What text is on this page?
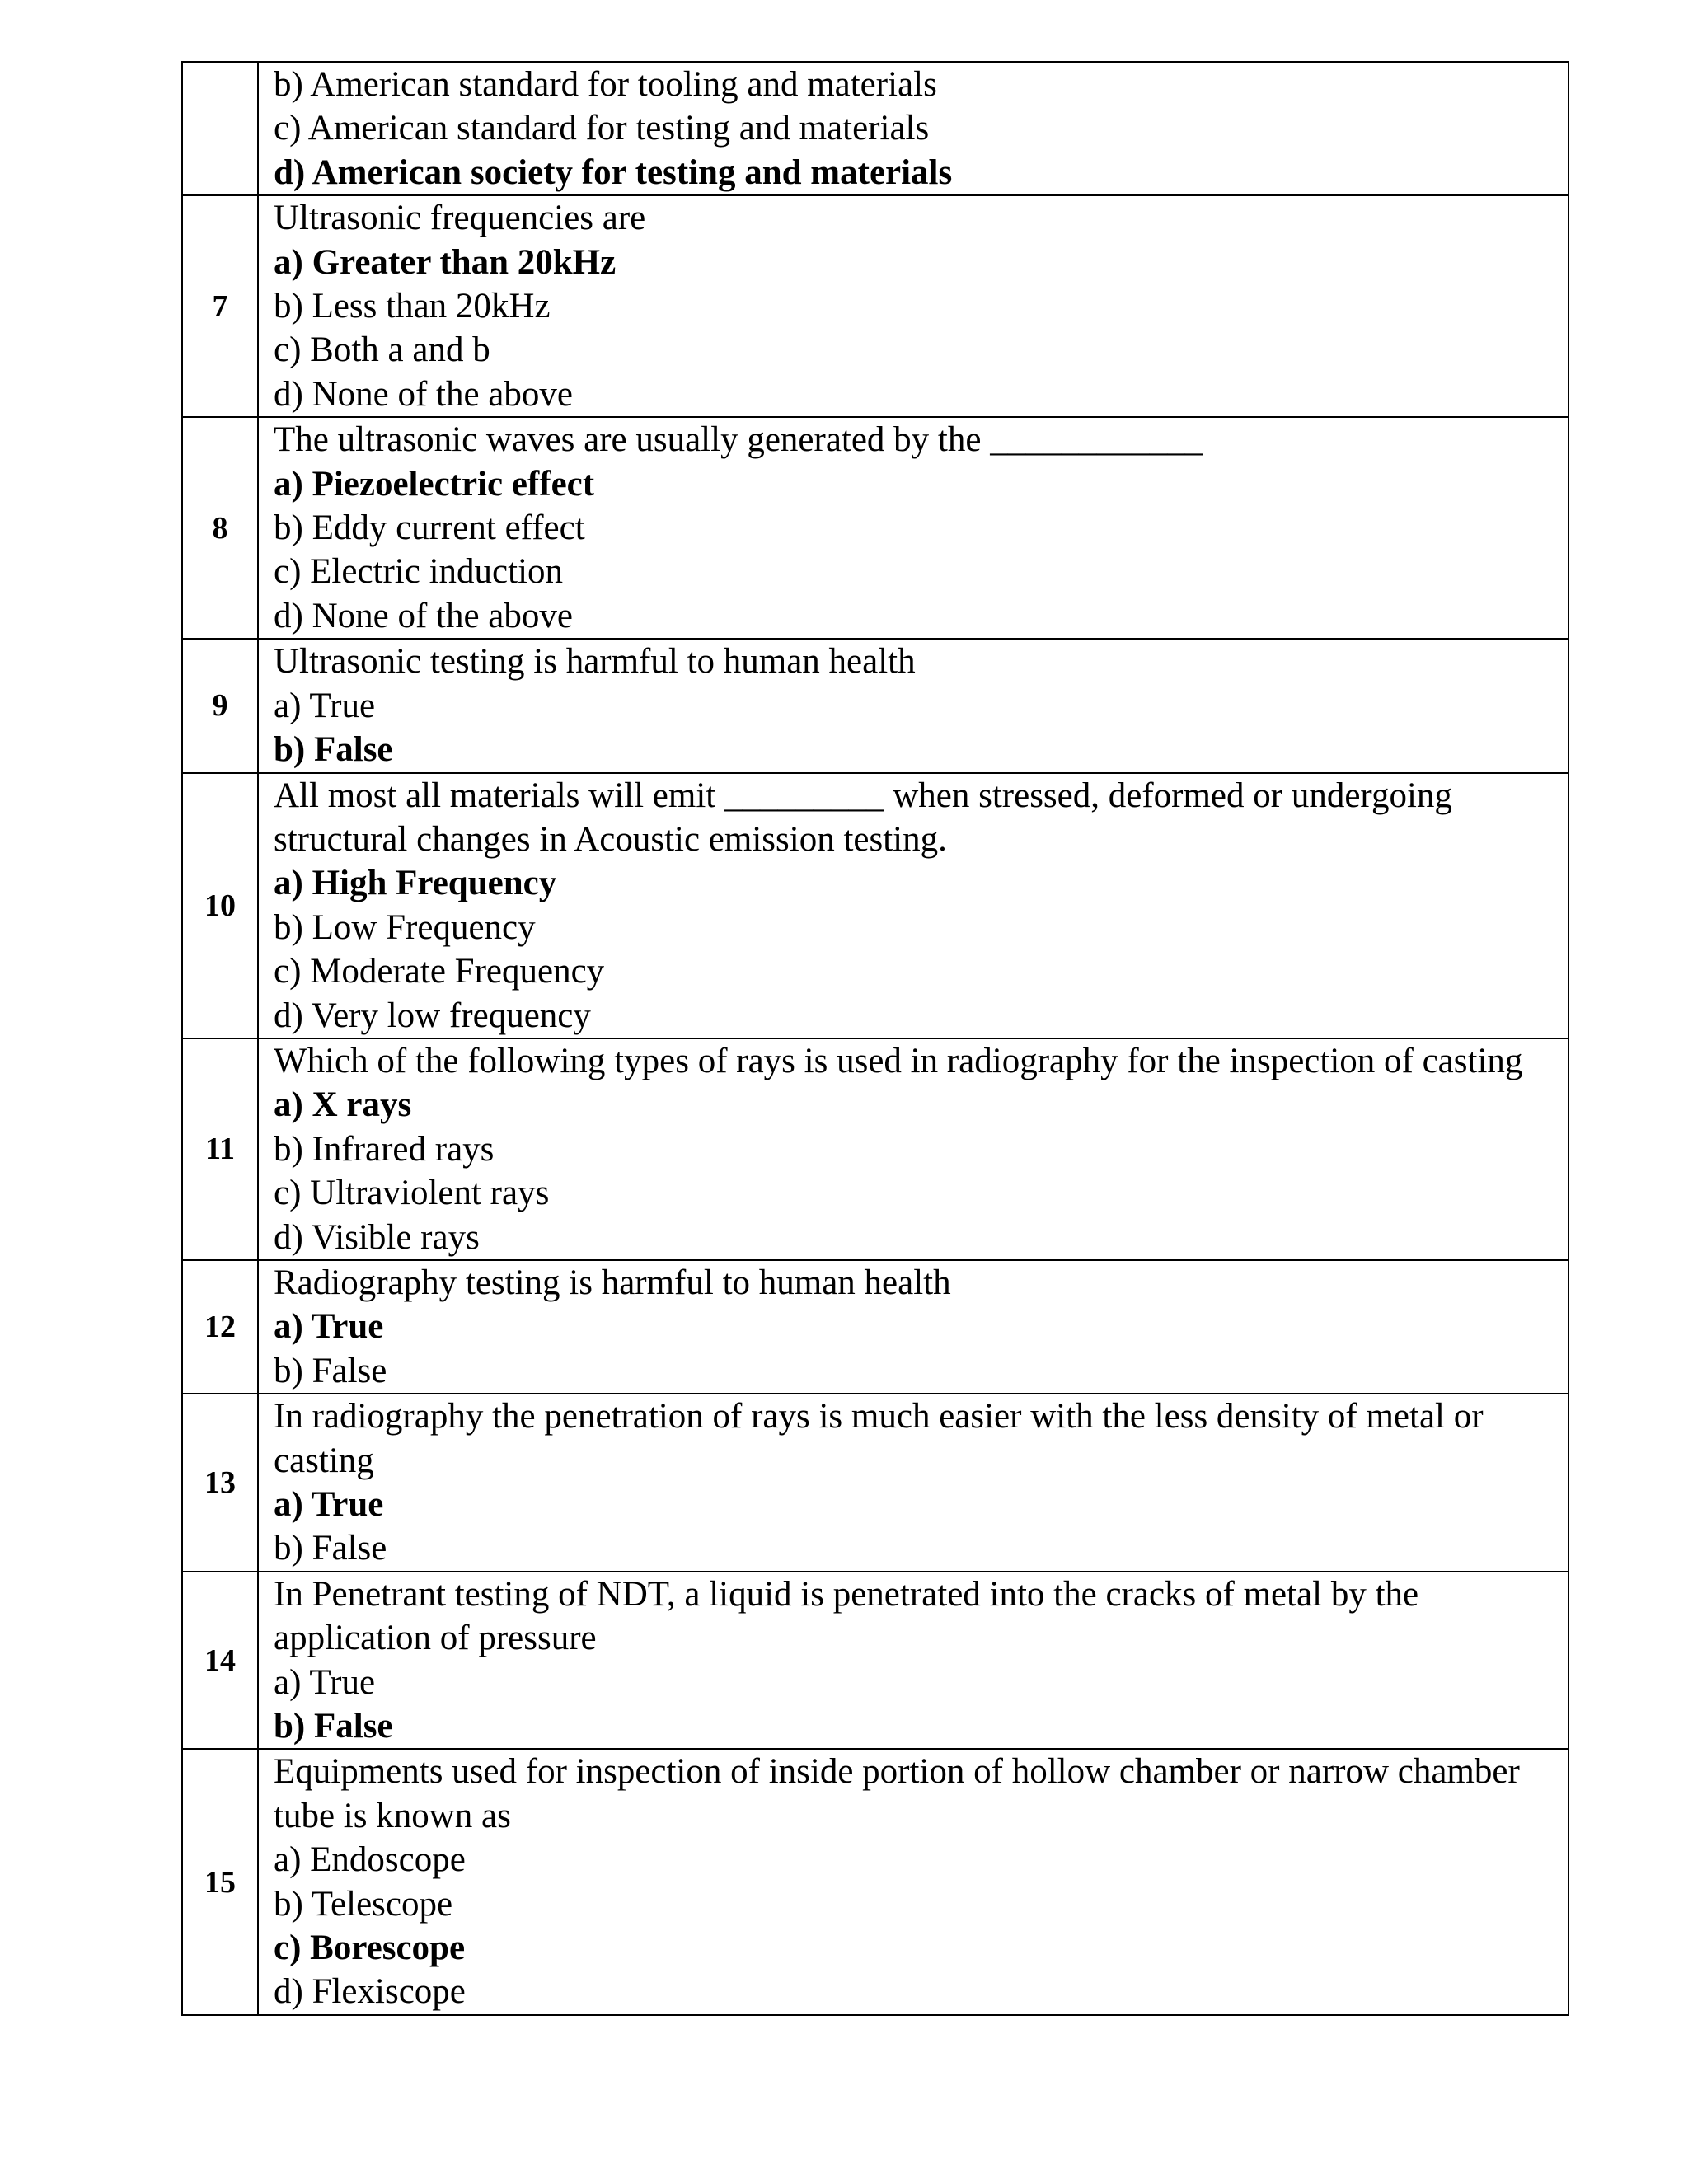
	b) American standard for tooling and materials
c) American standard for testing and materials
d) American society for testing and materials

7	Ultrasonic frequencies are
a) Greater than 20kHz
b) Less than 20kHz
c) Both a and b
d) None of the above

8	The ultrasonic waves are usually generated by the ____________
a) Piezoelectric effect
b) Eddy current effect
c) Electric induction
d) None of the above

9	Ultrasonic testing is harmful to human health
a) True
b) False

10	All most all materials will emit _________ when stressed, deformed or undergoing structural changes in Acoustic emission testing.
a) High Frequency
b) Low Frequency
c) Moderate Frequency
d) Very low frequency

11	Which of the following types of rays is used in radiography for the inspection of casting
a) X rays
b) Infrared rays
c) Ultraviolent rays
d) Visible rays

12	Radiography testing is harmful to human health
a) True
b) False

13	In radiography the penetration of rays is much easier with the less density of metal or casting
a) True
b) False

14	In Penetrant testing of NDT, a liquid is penetrated into the cracks of metal by the application of pressure
a) True
b) False

15	Equipments used for inspection of inside portion of hollow chamber or narrow chamber tube is known as
a) Endoscope
b) Telescope
c) Borescope
d) Flexiscope
